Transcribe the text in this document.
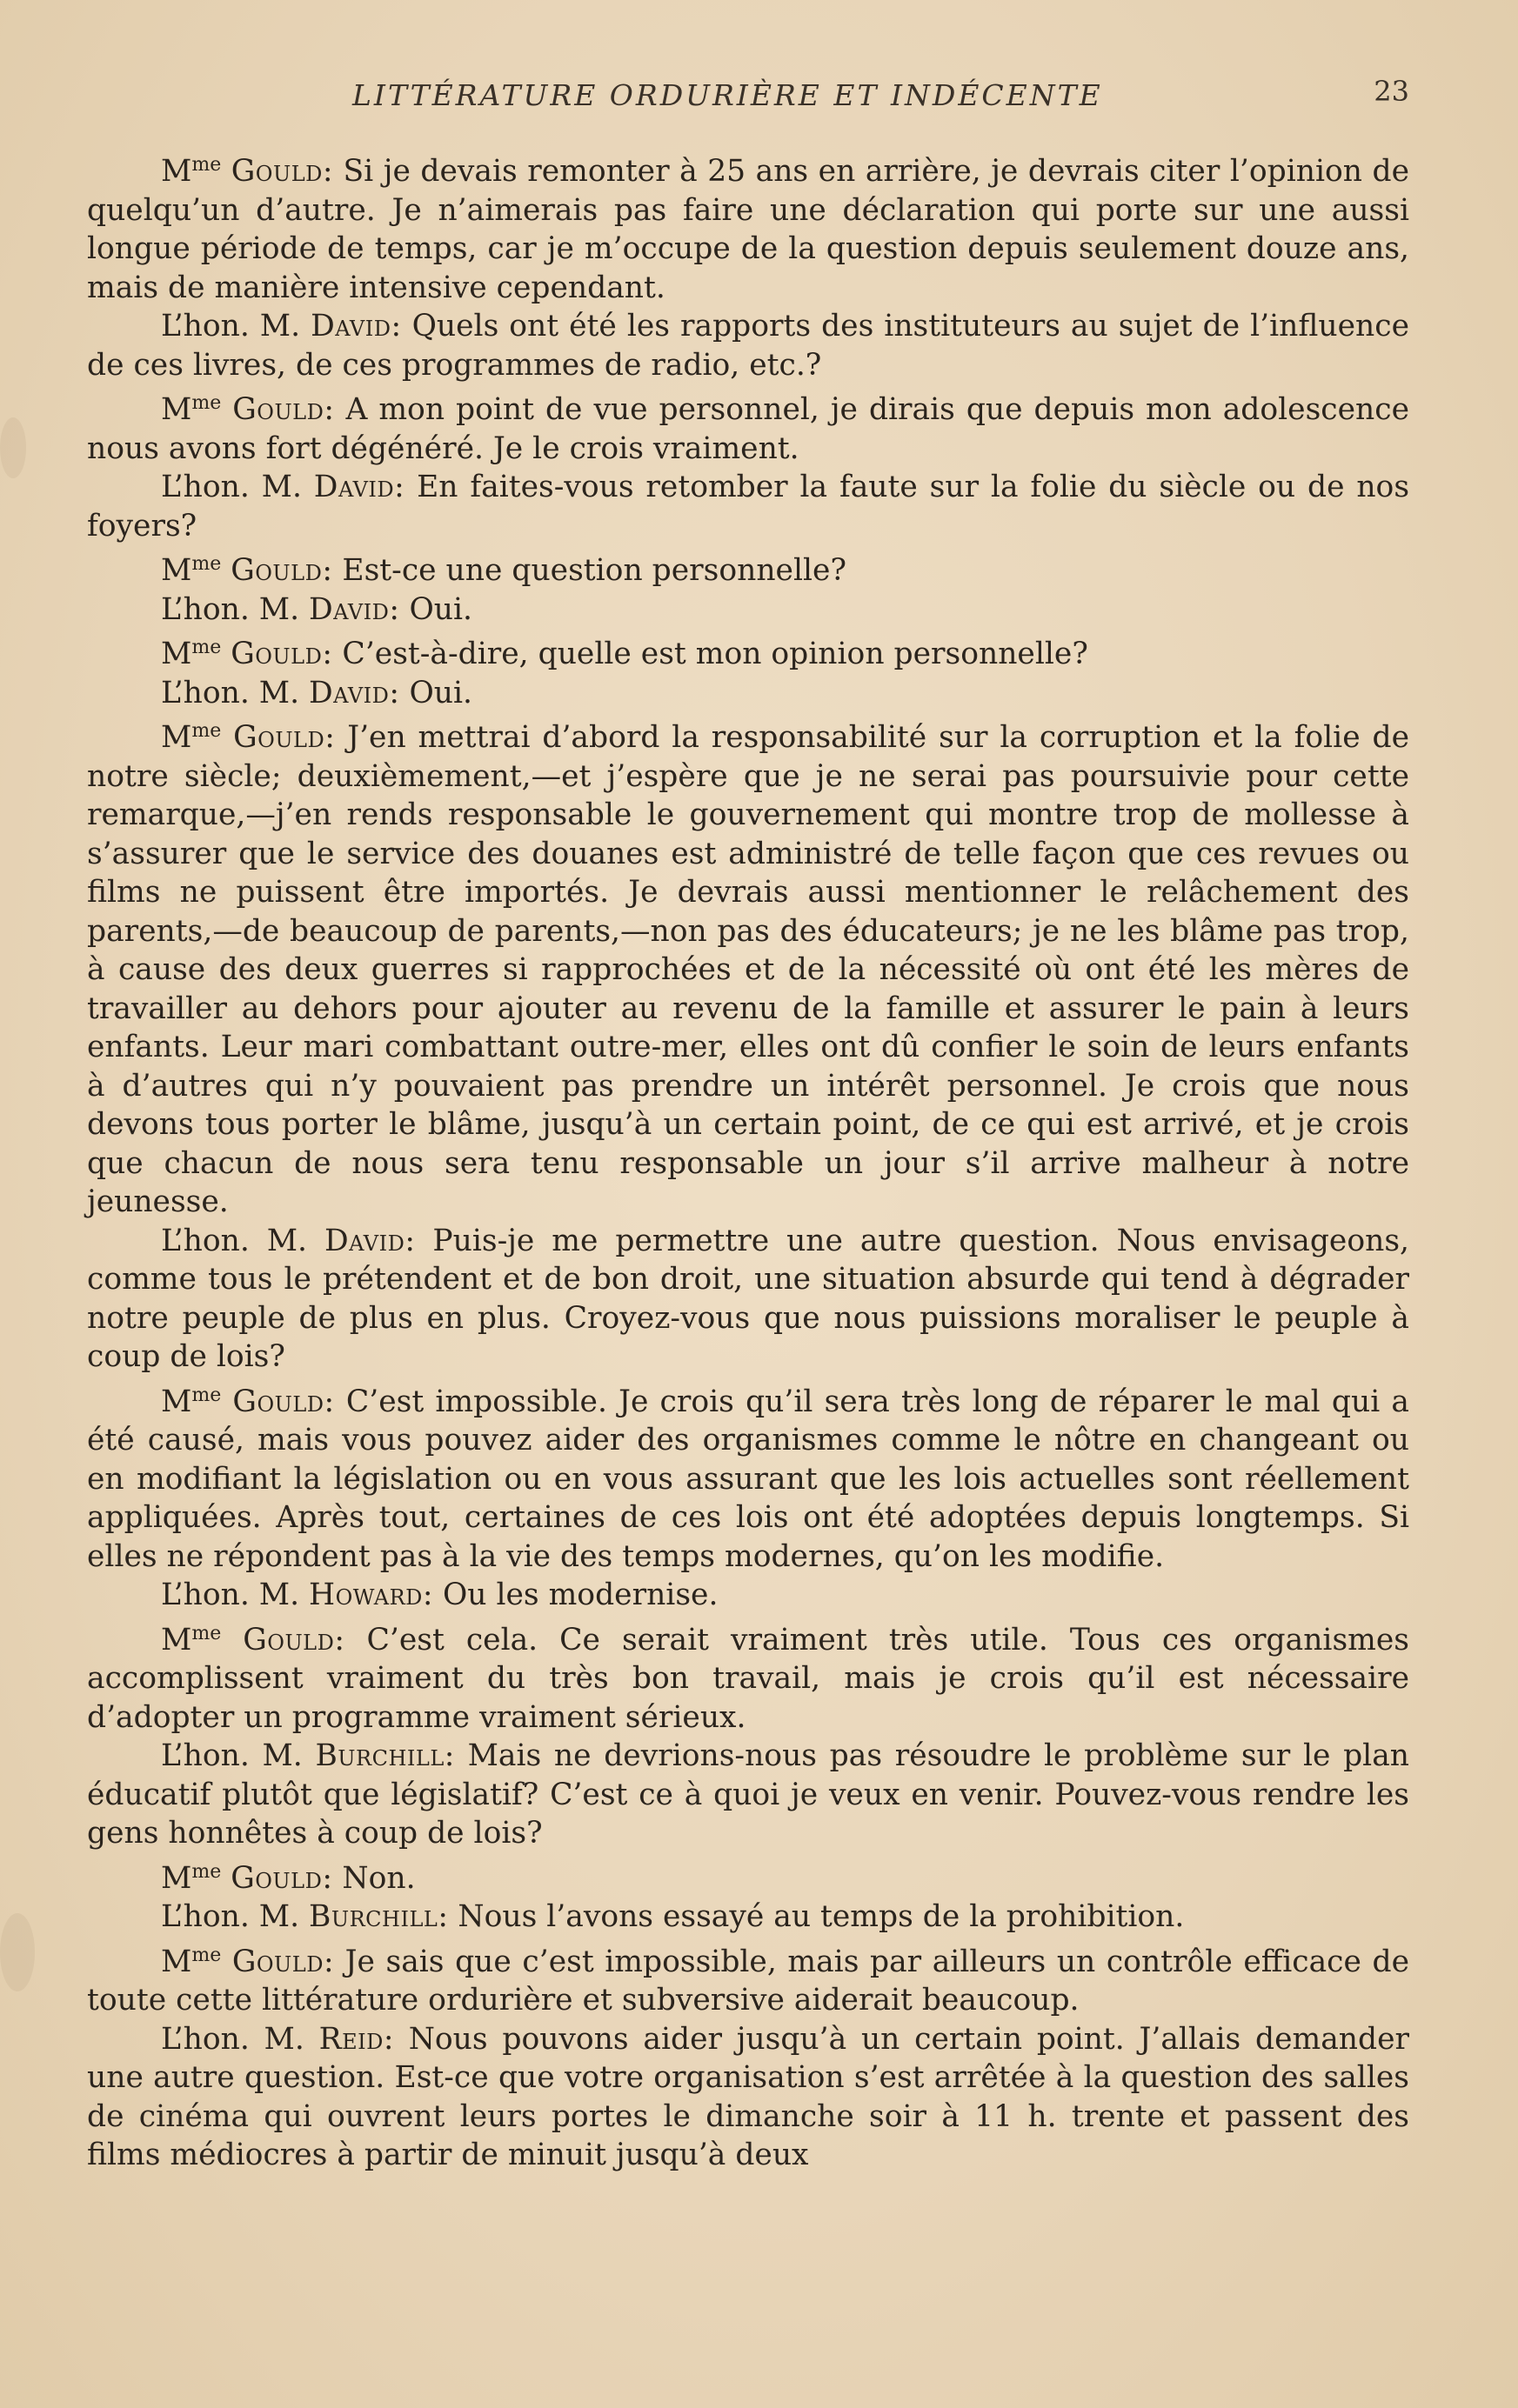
LITTÉRATURE ORDURIÈRE ET INDÉCENTE	23

$M^{me}$ Gould: Si je devais remonter à 25 ans en arrière, je devrais citer l’opinion de quelqu’un d’autre. Je n’aimerais pas faire une déclaration qui porte sur une aussi longue période de temps, car je m’occupe de la question depuis seulement douze ans, mais de manière intensive cependant.

L’hon. M. David: Quels ont été les rapports des instituteurs au sujet de l’influence de ces livres, de ces programmes de radio, etc.?

$M^{me}$ Gould: A mon point de vue personnel, je dirais que depuis mon adolescence nous avons fort dégénéré. Je le crois vraiment.

L’hon. M. David: En faites-vous retomber la faute sur la folie du siècle ou de nos foyers?

$M^{me}$ Gould: Est-ce une question personnelle?

L’hon. M. David: Oui.

$M^{me}$ Gould: C’est-à-dire, quelle est mon opinion personnelle?

L’hon. M. David: Oui.

$M^{me}$ Gould: J’en mettrai d’abord la responsabilité sur la corruption et la folie de notre siècle; deuxièmement,—et j’espère que je ne serai pas poursuivie pour cette remarque,—j’en rends responsable le gouvernement qui montre trop de mollesse à s’assurer que le service des douanes est administré de telle façon que ces revues ou films ne puissent être importés. Je devrais aussi mentionner le relâchement des parents,—de beaucoup de parents,—non pas des éducateurs; je ne les blâme pas trop, à cause des deux guerres si rapprochées et de la nécessité où ont été les mères de travailler au dehors pour ajouter au revenu de la famille et assurer le pain à leurs enfants. Leur mari combattant outre-mer, elles ont dû confier le soin de leurs enfants à d’autres qui n’y pouvaient pas prendre un intérêt personnel. Je crois que nous devons tous porter le blâme, jusqu’à un certain point, de ce qui est arrivé, et je crois que chacun de nous sera tenu responsable un jour s’il arrive malheur à notre jeunesse.

L’hon. M. David: Puis-je me permettre une autre question. Nous envisageons, comme tous le prétendent et de bon droit, une situation absurde qui tend à dégrader notre peuple de plus en plus. Croyez-vous que nous puissions moraliser le peuple à coup de lois?

$M^{me}$ Gould: C’est impossible. Je crois qu’il sera très long de réparer le mal qui a été causé, mais vous pouvez aider des organismes comme le nôtre en changeant ou en modifiant la législation ou en vous assurant que les lois actuelles sont réellement appliquées. Après tout, certaines de ces lois ont été adoptées depuis longtemps. Si elles ne répondent pas à la vie des temps modernes, qu’on les modifie.

L’hon. M. Howard: Ou les modernise.

$M^{me}$ Gould: C’est cela. Ce serait vraiment très utile. Tous ces organismes accomplissent vraiment du très bon travail, mais je crois qu’il est nécessaire d’adopter un programme vraiment sérieux.

L’hon. M. Burchill: Mais ne devrions-nous pas résoudre le problème sur le plan éducatif plutôt que législatif? C’est ce à quoi je veux en venir. Pouvez-vous rendre les gens honnêtes à coup de lois?

$M^{me}$ Gould: Non.

L’hon. M. Burchill: Nous l’avons essayé au temps de la prohibition.

$M^{me}$ Gould: Je sais que c’est impossible, mais par ailleurs un contrôle efficace de toute cette littérature ordurière et subversive aiderait beaucoup.

L’hon. M. Reid: Nous pouvons aider jusqu’à un certain point. J’allais demander une autre question. Est-ce que votre organisation s’est arrêtée à la question des salles de cinéma qui ouvrent leurs portes le dimanche soir à 11 h. trente et passent des films médiocres à partir de minuit jusqu’à deux
